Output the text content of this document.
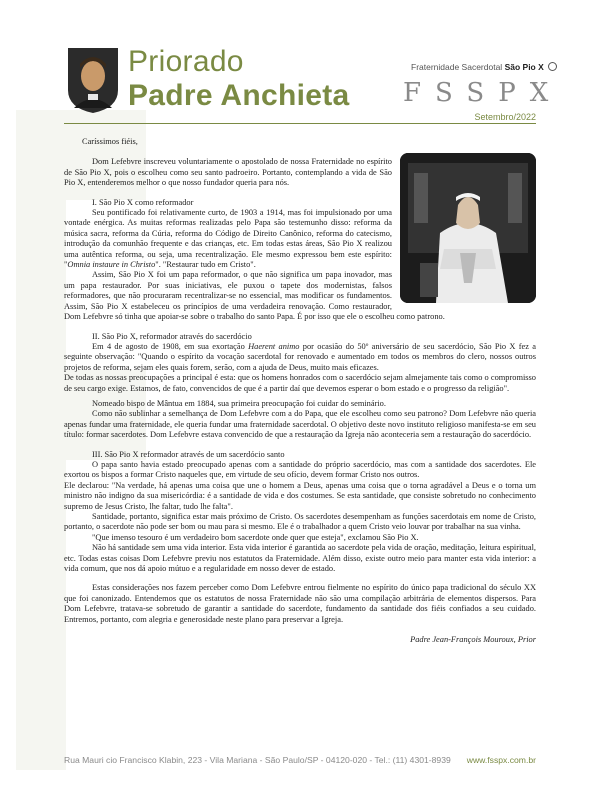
Priorado
Padre Anchieta
Fraternidade Sacerdotal São Pio X
FSSPX
Setembro/2022

Caríssimos fiéis,

Dom Lefebvre inscreveu voluntariamente o apostolado de nossa Fraternidade no espírito de São Pio X, pois o escolheu como seu santo padroeiro. Portanto, contemplando a vida de São Pio X, entenderemos melhor o que nosso fundador queria para nós.

I. São Pio X como reformador

Seu pontificado foi relativamente curto, de 1903 a 1914, mas foi impulsionado por uma vontade enérgica. As muitas reformas realizadas pelo Papa são testemunho disso: reforma da música sacra, reforma da Cúria, reforma do Código de Direito Canônico, reforma do catecismo, introdução da comunhão frequente e das crianças, etc. Em todas estas áreas, São Pio X realizou uma autêntica reforma, ou seja, uma recentralização. Ele mesmo expressou bem este espírito: "Omnia instaure in Christo". "Restaurar tudo em Cristo".

Assim, São Pio X foi um papa reformador, o que não significa um papa inovador, mas um papa restaurador. Por suas iniciativas, ele puxou o tapete dos modernistas, falsos reformadores, que não procuraram recentralizar-se no essencial, mas modificar os fundamentos. Assim, São Pio X estabeleceu os princípios de uma verdadeira renovação. Como restaurador, Dom Lefebvre só tinha que apoiar-se sobre o trabalho do santo Papa. É por isso que ele o escolheu como patrono.

II. São Pio X, reformador através do sacerdócio

Em 4 de agosto de 1908, em sua exortação Haerent animo por ocasião do 50º aniversário de seu sacerdócio, São Pio X fez a seguinte observação: "Quando o espírito da vocação sacerdotal for renovado e aumentado em todos os membros do clero, nossos outros projetos de reforma, sejam eles quais forem, serão, com a ajuda de Deus, muito mais eficazes.

De todas as nossas preocupações a principal é esta: que os homens honrados com o sacerdócio sejam almejamente tais como o compromisso de seu cargo exige. Estamos, de fato, convencidos de que é a partir daí que devemos esperar o bom estado e o progresso da religião".

Nomeado bispo de Mântua em 1884, sua primeira preocupação foi cuidar do seminário.

Como não sublinhar a semelhança de Dom Lefebvre com a do Papa, que ele escolheu como seu patrono? Dom Lefebvre não queria apenas fundar uma fraternidade, ele queria fundar uma fraternidade sacerdotal. O objetivo deste novo instituto religioso manifesta-se em seu título: formar sacerdotes. Dom Lefebvre estava convencido de que a restauração da Igreja não aconteceria sem a restauração do sacerdócio.

III. São Pio X reformador através de um sacerdócio santo

O papa santo havia estado preocupado apenas com a santidade do próprio sacerdócio, mas com a santidade dos sacerdotes. Ele exortou os bispos a formar Cristo naqueles que, em virtude de seu ofício, devem formar Cristo nos outros.

Ele declarou: "Na verdade, há apenas uma coisa que une o homem a Deus, apenas uma coisa que o torna agradável a Deus e o torna um ministro não indigno da sua misericórdia: é a santidade de vida e dos costumes. Se esta santidade, que consiste sobretudo no conhecimento supremo de Jesus Cristo, lhe faltar, tudo lhe falta".

Santidade, portanto, significa estar mais próximo de Cristo. Os sacerdotes desempenham as funções sacerdotais em nome de Cristo, portanto, o sacerdote não pode ser bom ou mau para si mesmo. Ele é o trabalhador a quem Cristo veio louvar por trabalhar na sua vinha.

"Que imenso tesouro é um verdadeiro bom sacerdote onde quer que esteja", exclamou São Pio X.

Não há santidade sem uma vida interior. Esta vida interior é garantida ao sacerdote pela vida de oração, meditação, leitura espiritual, etc. Todas estas coisas Dom Lefebvre previu nos estatutos da Fraternidade. Além disso, existe outro meio para manter esta vida interior: a vida comum, que nos dá apoio mútuo e a regularidade em nosso dever de estado.

Estas considerações nos fazem perceber como Dom Lefebvre entrou fielmente no espírito do único papa tradicional do século XX que foi canonizado. Entendemos que os estatutos de nossa Fraternidade não são uma compilação arbitrária de elementos dispersos. Para Dom Lefebvre, tratava-se sobretudo de garantir a santidade do sacerdote, fundamento da santidade dos fiéis confiados a seu cuidado. Entremos, portanto, com alegria e generosidade neste plano para preservar a Igreja.

Padre Jean-François Mouroux, Prior

Rua Mauri cio Francisco Klabin, 223 - Vila Mariana - São Paulo/SP - 04120-020 - Tel.: (11) 4301-8939 www.fsspx.com.br
